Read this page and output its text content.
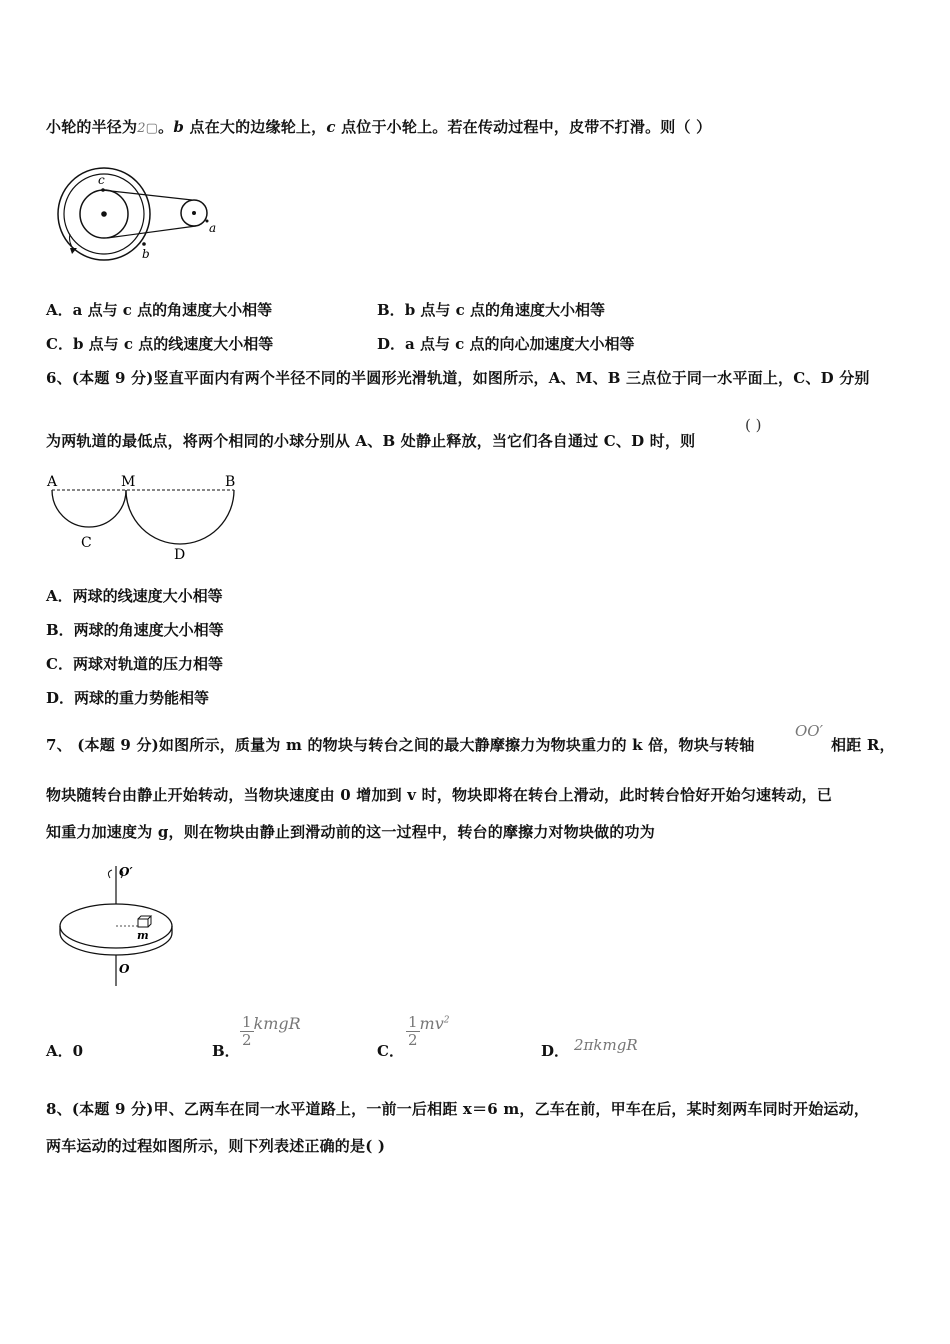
小轮的半径为2▢。b 点在大的边缘轮上，c 点位于小轮上。若在传动过程中，皮带不打滑。则（ ）
c
a
b
A．a 点与 c 点的角速度大小相等	B．b 点与 c 点的角速度大小相等
C．b 点与 c 点的线速度大小相等	D．a 点与 c 点的向心加速度大小相等
6、(本题 9 分)竖直平面内有两个半径不同的半圆形光滑轨道，如图所示，A、M、B 三点位于同一水平面上，C、D 分别
为两轨道的最低点，将两个相同的小球分别从 A、B 处静止释放，当它们各自通过 C、D 时，则
( )
A	M	B
C
D
A．两球的线速度大小相等
B．两球的角速度大小相等
C．两球对轨道的压力相等
D．两球的重力势能相等
7、 (本题 9 分)如图所示，质量为 m 的物块与转台之间的最大静摩擦力为物块重力的 k 倍，物块与转轴
OO′
相距 R，
物块随转台由静止开始转动，当物块速度由 0 增加到 v 时，物块即将在转台上滑动，此时转台恰好开始匀速转动，已
知重力加速度为 g，则在物块由静止到滑动前的这一过程中，转台的摩擦力对物块做的功为
O′
O
m
A．0	B．
$\frac{1}{2}$ kmgR
C．
$\frac{1}{2} mv^2$
D． 2πkmgR
8、(本题 9 分)甲、乙两车在同一水平道路上，一前一后相距 x＝6 m，乙车在前，甲车在后，某时刻两车同时开始运动，
两车运动的过程如图所示，则下列表述正确的是( )
